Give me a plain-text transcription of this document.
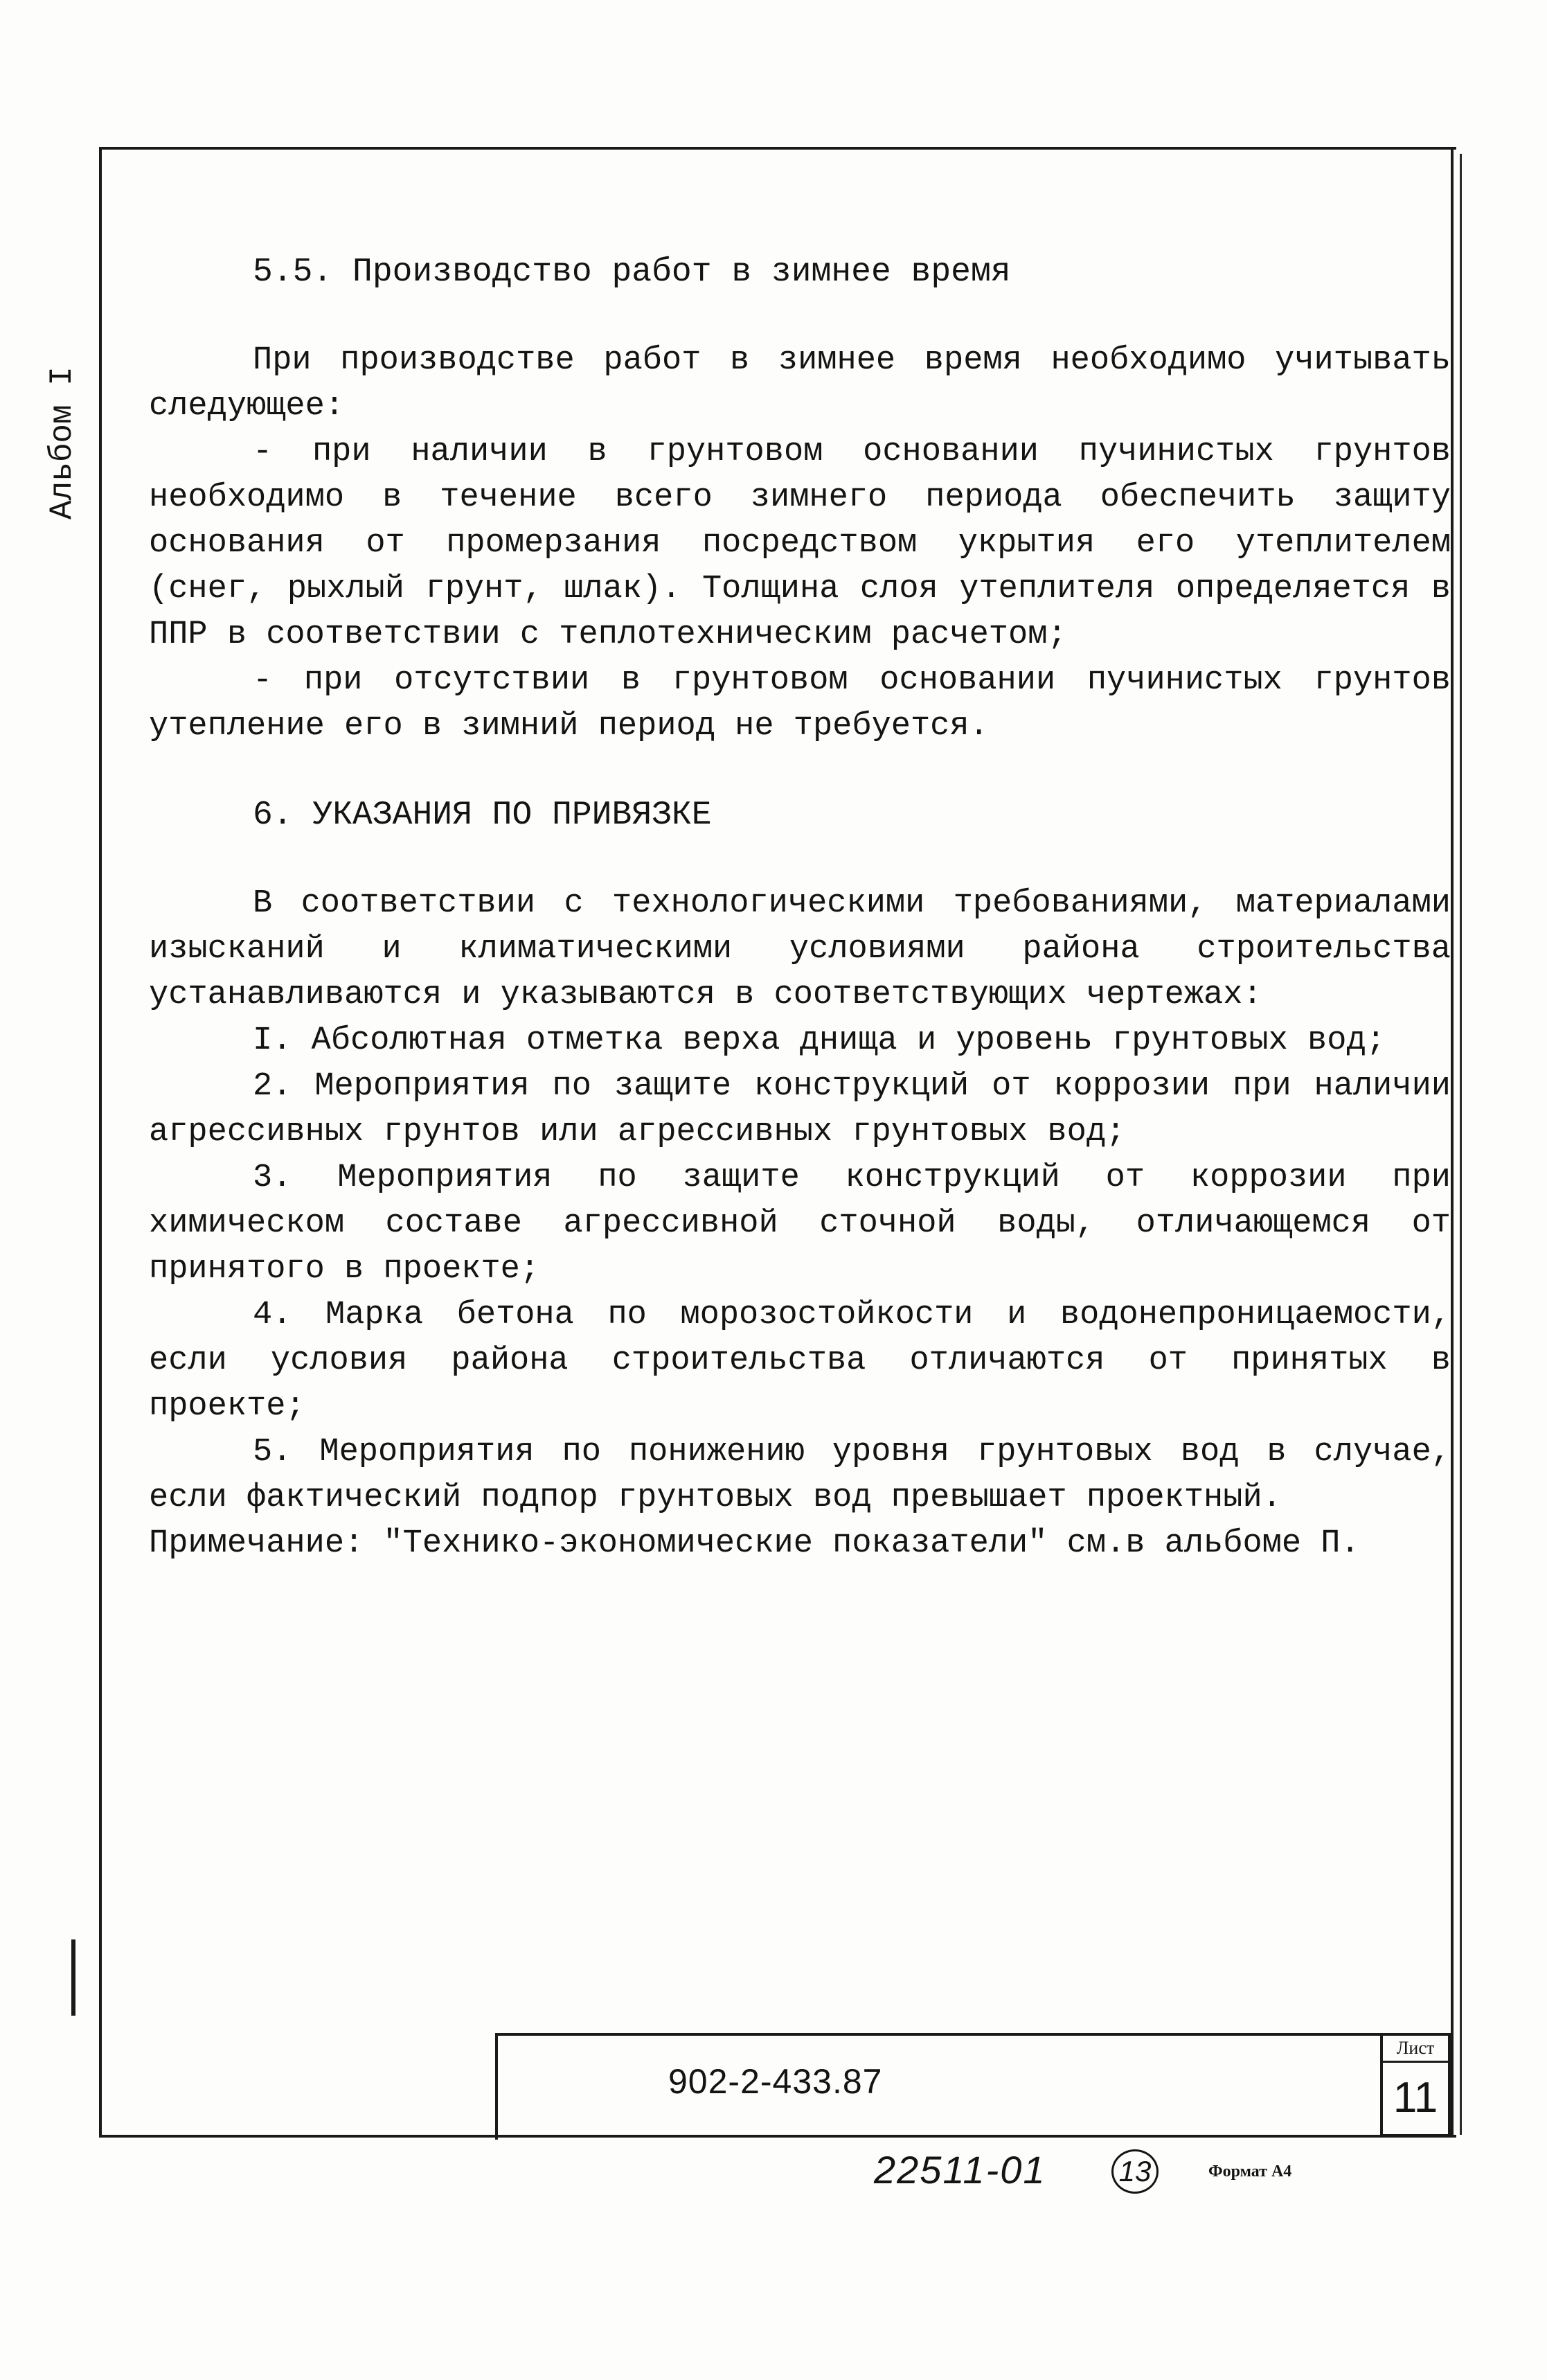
Альбом I

5.5. Производство работ в зимнее время

При производстве работ в зимнее время необходимо учитывать следующее:

- при наличии в грунтовом основании пучинистых грунтов необходимо в течение всего зимнего периода обеспечить защиту основания от промерзания посредством укрытия его утеплителем (снег, рыхлый грунт, шлак). Толщина слоя утеплителя определяется в ППР в соответствии с теплотехническим расчетом;

- при отсутствии в грунтовом основании пучинистых грунтов утепление его в зимний период не требуется.

6. УКАЗАНИЯ ПО ПРИВЯЗКЕ

В соответствии с технологическими требованиями, материалами изысканий и климатическими условиями района строительства устанавливаются и указываются в соответствующих чертежах:

I. Абсолютная отметка верха днища и уровень грунтовых вод;

2. Мероприятия по защите конструкций от коррозии при наличии агрессивных грунтов или агрессивных грунтовых вод;

3. Мероприятия по защите конструкций от коррозии при химическом составе агрессивной сточной воды, отличающемся от принятого в проекте;

4. Марка бетона по морозостойкости и водонепроницаемости, если условия района строительства отличаются от принятых в проекте;

5. Мероприятия по понижению уровня грунтовых вод в случае, если фактический подпор грунтовых вод превышает проектный.

Примечание: "Технико-экономические показатели" см.в альбоме П.

902-2-433.87
Лист
11
22511-01	13	Формат А4
